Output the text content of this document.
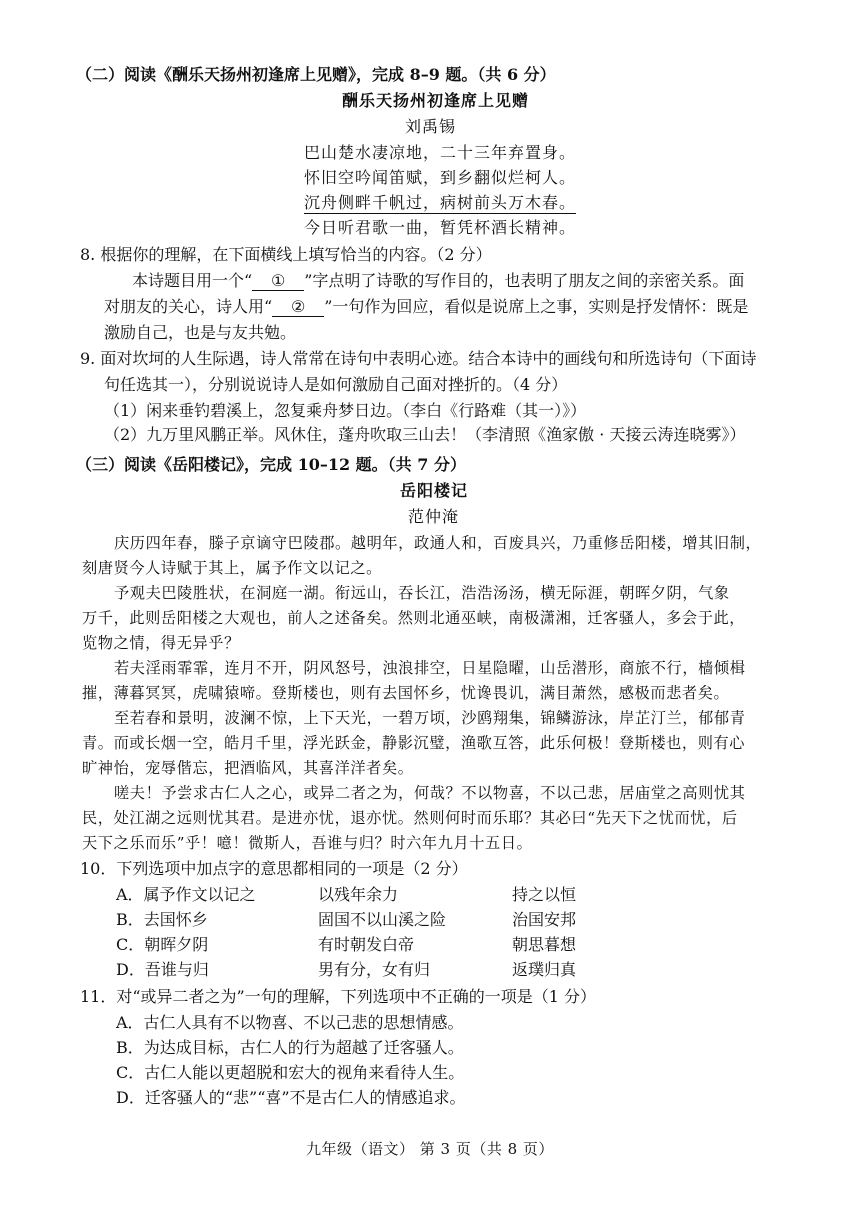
（二）阅读《酬乐天扬州初逢席上见赠》，完成 8–9 题。（共 6 分）
酬乐天扬州初逢席上见赠
刘禹锡
巴山楚水凄凉地，二十三年弃置身。
怀旧空吟闻笛赋，到乡翻似烂柯人。
沉舟侧畔千帆过，病树前头万木春。
今日听君歌一曲，暂凭杯酒长精神。
8. 根据你的理解，在下面横线上填写恰当的内容。（2 分）
本诗题目用一个“ ① ”字点明了诗歌的写作目的，也表明了朋友之间的亲密关系。面
对朋友的关心，诗人用“ ② ”一句作为回应，看似是说席上之事，实则是抒发情怀：既是
激励自己，也是与友共勉。
9. 面对坎坷的人生际遇，诗人常常在诗句中表明心迹。结合本诗中的画线句和所选诗句（下面诗
句任选其一），分别说说诗人是如何激励自己面对挫折的。（4 分）
（1）闲来垂钓碧溪上，忽复乘舟梦日边。（李白《行路难（其一）》）
（2）九万里风鹏正举。风休住，蓬舟吹取三山去！（李清照《渔家傲 · 天接云涛连晓雾》）
（三）阅读《岳阳楼记》，完成 10–12 题。（共 7 分）
岳阳楼记
范仲淹
庆历四年春，滕子京谪守巴陵郡。越明年，政通人和，百废具兴，乃重修岳阳楼，增其旧制，
刻唐贤今人诗赋于其上，属予作文以记之。
予观夫巴陵胜状，在洞庭一湖。衔远山，吞长江，浩浩汤汤，横无际涯，朝晖夕阴，气象
万千，此则岳阳楼之大观也，前人之述备矣。然则北通巫峡，南极潇湘，迁客骚人，多会于此，
览物之情，得无异乎？
若夫淫雨霏霏，连月不开，阴风怒号，浊浪排空，日星隐曜，山岳潜形，商旅不行，樯倾楫
摧，薄暮冥冥，虎啸猿啼。登斯楼也，则有去国怀乡，忧谗畏讥，满目萧然，感极而悲者矣。
至若春和景明，波澜不惊，上下天光，一碧万顷，沙鸥翔集，锦鳞游泳，岸芷汀兰，郁郁青
青。而或长烟一空，皓月千里，浮光跃金，静影沉璧，渔歌互答，此乐何极！登斯楼也，则有心
旷神怡，宠辱偕忘，把酒临风，其喜洋洋者矣。
嗟夫！予尝求古仁人之心，或异二者之为，何哉？不以物喜，不以己悲，居庙堂之高则忧其
民，处江湖之远则忧其君。是进亦忧，退亦忧。然则何时而乐耶？其必曰“先天下之忧而忧，后
天下之乐而乐”乎！噫！微斯人，吾谁与归？时六年九月十五日。
10．下列选项中加点字的意思都相同的一项是（2 分）
A．属予作文以记之	以残年余力	持之以恒
B．去国怀乡	固国不以山溪之险	治国安邦
C．朝晖夕阴	有时朝发白帝	朝思暮想
D．吾谁与归	男有分，女有归	返璞归真
11．对“或异二者之为”一句的理解，下列选项中不正确的一项是（1 分）
A．古仁人具有不以物喜、不以己悲的思想情感。
B．为达成目标，古仁人的行为超越了迁客骚人。
C．古仁人能以更超脱和宏大的视角来看待人生。
D．迁客骚人的“悲”“喜”不是古仁人的情感追求。
九年级（语文） 第 3 页（共 8 页）
